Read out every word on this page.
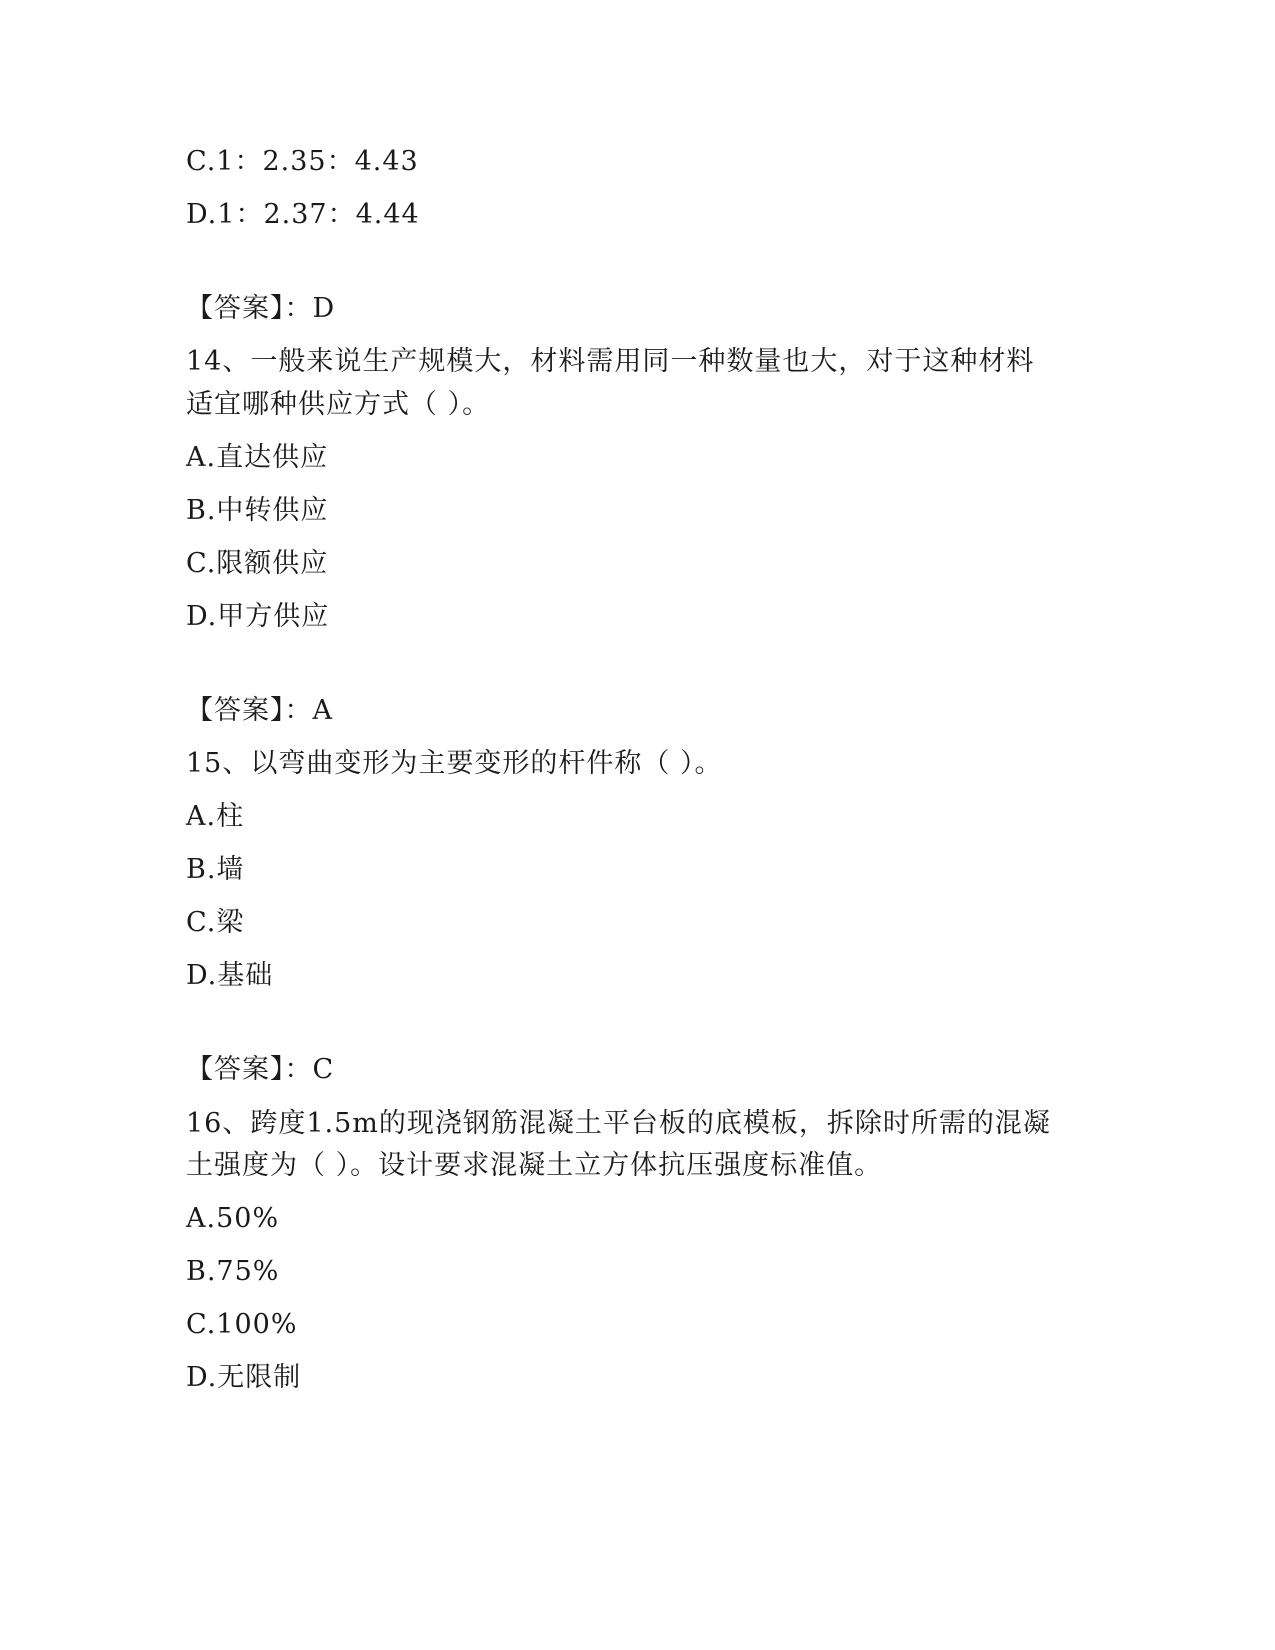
C.1：2.35：4.43
D.1：2.37：4.44
【答案】：D
14、一般来说生产规模大，材料需用同一种数量也大，对于这种材料
适宜哪种供应方式（ ）。
A.直达供应
B.中转供应
C.限额供应
D.甲方供应
【答案】：A
15、以弯曲变形为主要变形的杆件称（ ）。
A.柱
B.墙
C.梁
D.基础
【答案】：C
16、跨度1.5m的现浇钢筋混凝土平台板的底模板，拆除时所需的混凝
土强度为（ ）。设计要求混凝土立方体抗压强度标准值。
A.50%
B.75%
C.100%
D.无限制
